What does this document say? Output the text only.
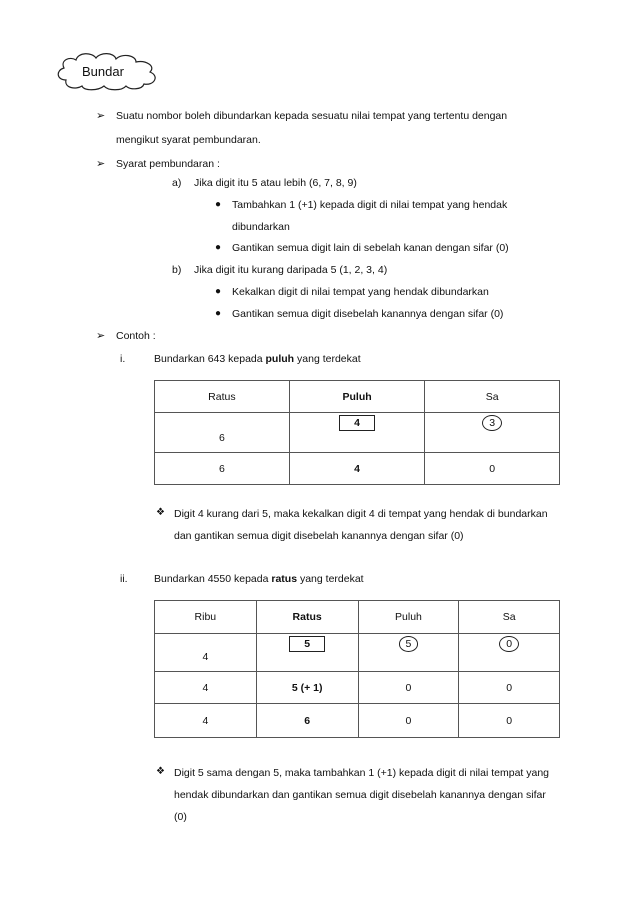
Bundar
➢ Suatu nombor boleh dibundarkan kepada sesuatu nilai tempat yang tertentu dengan
mengikut syarat pembundaran.
➢ Syarat pembundaran :
a) Jika digit itu 5 atau lebih (6, 7, 8, 9)
● Tambahkan 1 (+1) kepada digit di nilai tempat yang hendak
dibundarkan
● Gantikan semua digit lain di sebelah kanan dengan sifar (0)
b) Jika digit itu kurang daripada 5 (1, 2, 3, 4)
● Kekalkan digit di nilai tempat yang hendak dibundarkan
● Gantikan semua digit disebelah kanannya dengan sifar (0)
➢ Contoh :
i.	Bundarkan 643 kepada puluh yang terdekat
Ratus	Puluh	Sa

6	4	3

6	4	0
❖ Digit 4 kurang dari 5, maka kekalkan digit 4 di tempat yang hendak di bundarkan
dan gantikan semua digit disebelah kanannya dengan sifar (0)
ii.	Bundarkan 4550 kepada ratus yang terdekat
Ribu	Ratus	Puluh	Sa

4	5	5	0

4	5 (+ 1)	0	0
4	6	0	0
❖ Digit 5 sama dengan 5, maka tambahkan 1 (+1) kepada digit di nilai tempat yang
hendak dibundarkan dan gantikan semua digit disebelah kanannya dengan sifar
(0)
